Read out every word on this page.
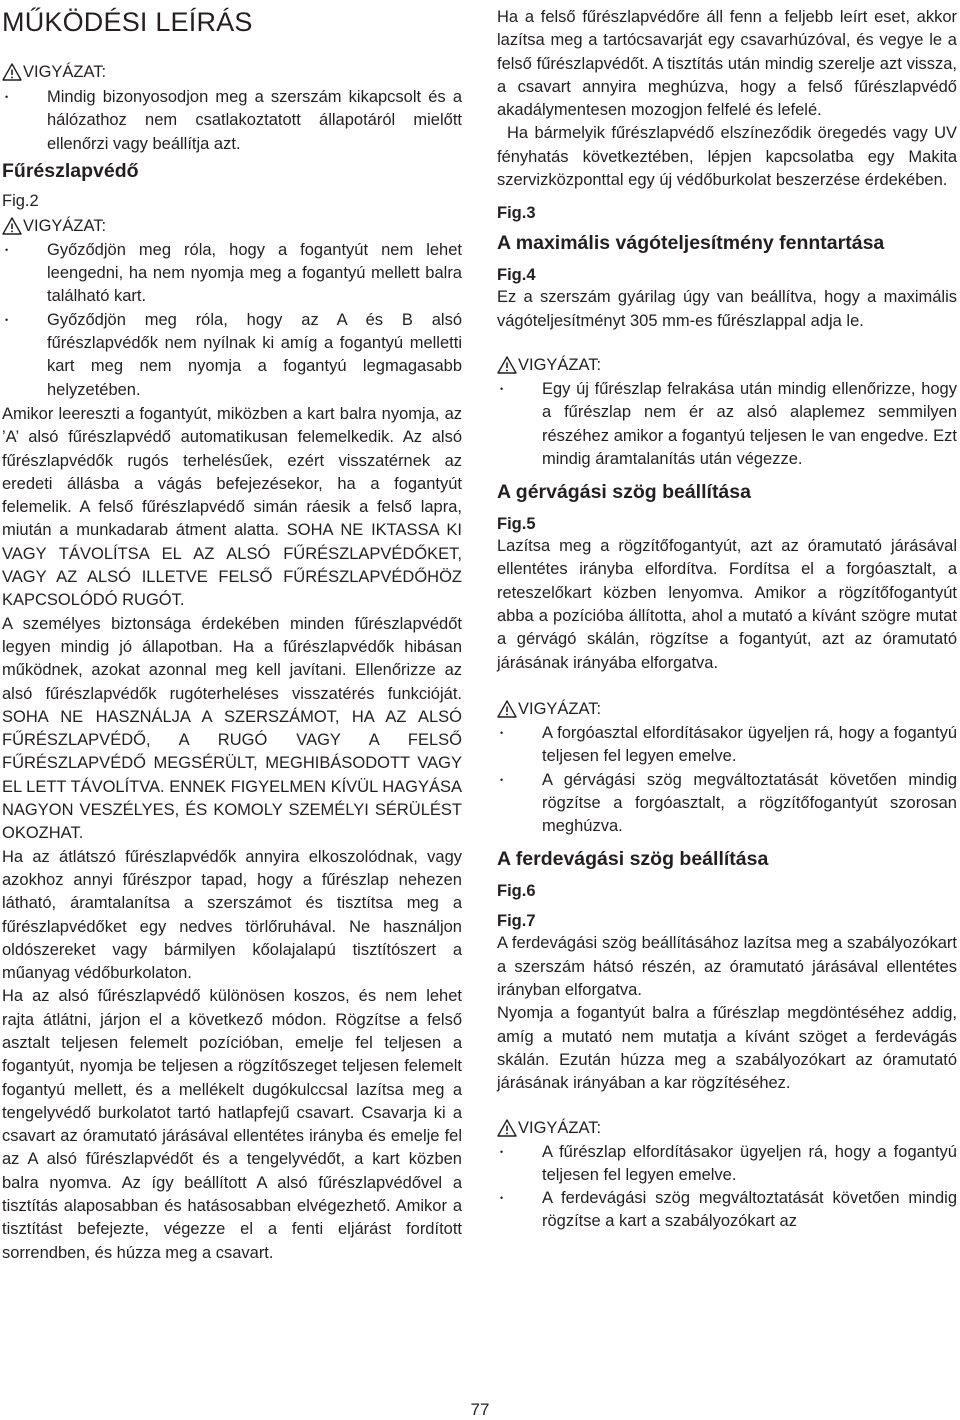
MŰKÖDÉSI LEÍRÁS
VIGYÁZAT:

• Mindig bizonyosodjon meg a szerszám kikapcsolt és a hálózathoz nem csatlakoztatott állapotáról mielőtt ellenőrzi vagy beállítja azt.

Fűrészlapvédő
Fig.2
VIGYÁZAT:

• Győződjön meg róla, hogy a fogantyút nem lehet leengedni, ha nem nyomja meg a fogantyú mellett balra található kart.

• Győződjön meg róla, hogy az A és B alsó fűrészlapvédők nem nyílnak ki amíg a fogantyú melletti kart meg nem nyomja a fogantyú legmagasabb helyzetében.

Amikor leereszti a fogantyút, miközben a kart balra nyomja, az ’A’ alsó fűrészlapvédő automatikusan felemelkedik. Az alsó fűrészlapvédők rugós terhelésűek, ezért visszatérnek az eredeti állásba a vágás befejezésekor, ha a fogantyút felemelik. A felső fűrészlapvédő simán ráesik a felső lapra, miután a munkadarab átment alatta. SOHA NE IKTASSA KI VAGY TÁVOLÍTSA EL AZ ALSÓ FŰRÉSZLAPVÉDŐKET, VAGY AZ ALSÓ ILLETVE FELSŐ FŰRÉSZLAPVÉDŐHÖZ KAPCSOLÓDÓ RUGÓT.

A személyes biztonsága érdekében minden fűrészlapvédőt legyen mindig jó állapotban. Ha a fűrészlapvédők hibásan működnek, azokat azonnal meg kell javítani. Ellenőrizze az alsó fűrészlapvédők rugóterheléses visszatérés funkcióját. SOHA NE HASZNÁLJA A SZERSZÁMOT, HA AZ ALSÓ FŰRÉSZLAPVÉDŐ, A RUGÓ VAGY A FELSŐ FŰRÉSZLAPVÉDŐ MEGSÉRÜLT, MEGHIBÁSODOTT VAGY EL LETT TÁVOLÍTVA. ENNEK FIGYELMEN KÍVÜL HAGYÁSA NAGYON VESZÉLYES, ÉS KOMOLY SZEMÉLYI SÉRÜLÉST OKOZHAT.

Ha az átlátszó fűrészlapvédők annyira elkoszolódnak, vagy azokhoz annyi fűrészpor tapad, hogy a fűrészlap nehezen látható, áramtalanítsa a szerszámot és tisztítsa meg a fűrészlapvédőket egy nedves törlőruhával. Ne használjon oldószereket vagy bármilyen kőolajalapú tisztítószert a műanyag védőburkolaton.

Ha az alsó fűrészlapvédő különösen koszos, és nem lehet rajta átlátni, járjon el a következő módon. Rögzítse a felső asztalt teljesen felemelt pozícióban, emelje fel teljesen a fogantyút, nyomja be teljesen a rögzítőszeget teljesen felemelt fogantyú mellett, és a mellékelt dugókulccsal lazítsa meg a tengelyvédő burkolatot tartó hatlapfejű csavart. Csavarja ki a csavart az óramutató járásával ellentétes irányba és emelje fel az A alsó fűrészlapvédőt és a tengelyvédőt, a kart közben balra nyomva. Az így beállított A alsó fűrészlapvédővel a tisztítás alaposabban és hatásosabban elvégezhető. Amikor a tisztítást befejezte, végezze el a fenti eljárást fordított sorrendben, és húzza meg a csavart.

Ha a felső fűrészlapvédőre áll fenn a feljebb leírt eset, akkor lazítsa meg a tartócsavarját egy csavarhúzóval, és vegye le a felső fűrészlapvédőt. A tisztítás után mindig szerelje azt vissza, a csavart annyira meghúzva, hogy a felső fűrészlapvédő akadálymentesen mozogjon felfelé és lefelé.

Ha bármelyik fűrészlapvédő elszíneződik öregedés vagy UV fényhatás következtében, lépjen kapcsolatba egy Makita szervizközponttal egy új védőburkolat beszerzése érdekében.

Fig.3
A maximális vágóteljesítmény fenntartása
Fig.4

Ez a szerszám gyárilag úgy van beállítva, hogy a maximális vágóteljesítményt 305 mm-es fűrészlappal adja le.

VIGYÁZAT:

• Egy új fűrészlap felrakása után mindig ellenőrizze, hogy a fűrészlap nem ér az alsó alaplemez semmilyen részéhez amikor a fogantyú teljesen le van engedve. Ezt mindig áramtalanítás után végezze.

A gérvágási szög beállítása
Fig.5

Lazítsa meg a rögzítőfogantyút, azt az óramutató járásával ellentétes irányba elfordítva. Fordítsa el a forgóasztalt, a reteszelőkart közben lenyomva. Amikor a rögzítőfogantyút abba a pozícióba állította, ahol a mutató a kívánt szögre mutat a gérvágó skálán, rögzítse a fogantyút, azt az óramutató járásának irányába elforgatva.

VIGYÁZAT:

• A forgóasztal elfordításakor ügyeljen rá, hogy a fogantyú teljesen fel legyen emelve.

• A gérvágási szög megváltoztatását követően mindig rögzítse a forgóasztalt, a rögzítőfogantyút szorosan meghúzva.

A ferdevágási szög beállítása
Fig.6
Fig.7

A ferdevágási szög beállításához lazítsa meg a szabályozókart a szerszám hátsó részén, az óramutató járásával ellentétes irányban elforgatva.

Nyomja a fogantyút balra a fűrészlap megdöntéséhez addig, amíg a mutató nem mutatja a kívánt szöget a ferdevágás skálán. Ezután húzza meg a szabályozókart az óramutató járásának irányában a kar rögzítéséhez.

VIGYÁZAT:

• A fűrészlap elfordításakor ügyeljen rá, hogy a fogantyú teljesen fel legyen emelve.

• A ferdevágási szög megváltoztatását követően mindig rögzítse a kart a szabályozókart az

77
